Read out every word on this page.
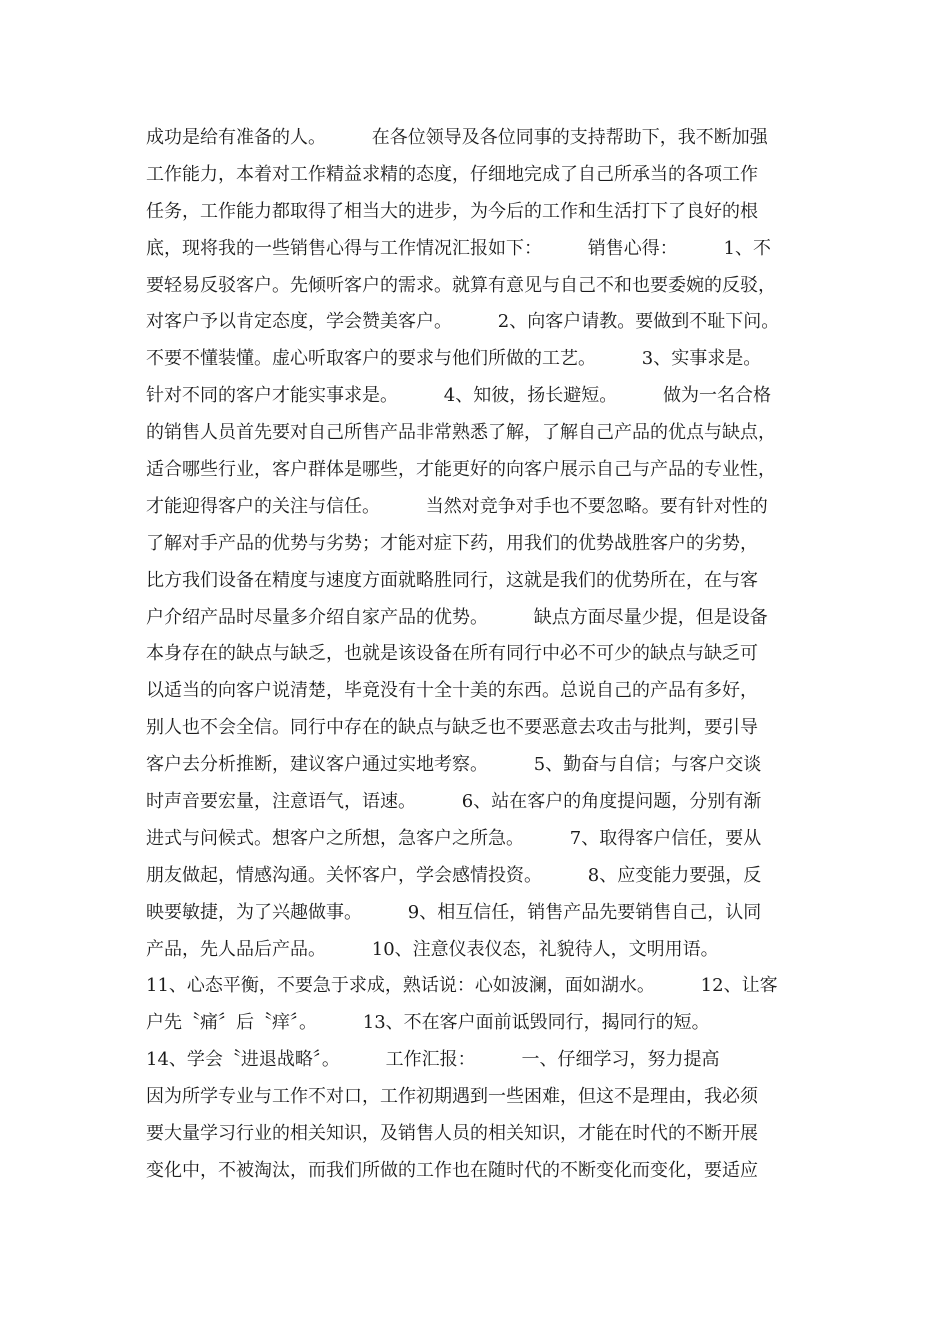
成功是给有准备的人。        在各位领导及各位同事的支持帮助下，我不断加强
工作能力，本着对工作精益求精的态度，仔细地完成了自己所承当的各项工作
任务，工作能力都取得了相当大的进步，为今后的工作和生活打下了良好的根
底，现将我的一些销售心得与工作情况汇报如下：        销售心得：        1、不
要轻易反驳客户。先倾听客户的需求。就算有意见与自己不和也要委婉的反驳，
对客户予以肯定态度，学会赞美客户。        2、向客户请教。要做到不耻下问。
不要不懂装懂。虚心听取客户的要求与他们所做的工艺。        3、实事求是。
针对不同的客户才能实事求是。        4、知彼，扬长避短。        做为一名合格
的销售人员首先要对自己所售产品非常熟悉了解，了解自己产品的优点与缺点，
适合哪些行业，客户群体是哪些，才能更好的向客户展示自己与产品的专业性，
才能迎得客户的关注与信任。        当然对竞争对手也不要忽略。要有针对性的
了解对手产品的优势与劣势；才能对症下药，用我们的优势战胜客户的劣势，
比方我们设备在精度与速度方面就略胜同行，这就是我们的优势所在，在与客
户介绍产品时尽量多介绍自家产品的优势。        缺点方面尽量少提，但是设备
本身存在的缺点与缺乏，也就是该设备在所有同行中必不可少的缺点与缺乏可
以适当的向客户说清楚，毕竟没有十全十美的东西。总说自己的产品有多好，
别人也不会全信。同行中存在的缺点与缺乏也不要恶意去攻击与批判，要引导
客户去分析推断，建议客户通过实地考察。        5、勤奋与自信；与客户交谈
时声音要宏量，注意语气，语速。        6、站在客户的角度提问题，分别有渐
进式与问候式。想客户之所想，急客户之所急。        7、取得客户信任，要从
朋友做起，情感沟通。关怀客户，学会感情投资。        8、应变能力要强，反
映要敏捷，为了兴趣做事。        9、相互信任，销售产品先要销售自己，认同
产品，先人品后产品。        10、注意仪表仪态，礼貌待人，文明用语。
11、心态平衡，不要急于求成，熟话说：心如波澜，面如湖水。        12、让客
户先〝痛〞后〝痒〞。        13、不在客户面前诋毁同行，揭同行的短。
14、学会〝进退战略〞。        工作汇报：        一、仔细学习，努力提高
因为所学专业与工作不对口，工作初期遇到一些困难，但这不是理由，我必须
要大量学习行业的相关知识，及销售人员的相关知识，才能在时代的不断开展
变化中，不被淘汰，而我们所做的工作也在随时代的不断变化而变化，要适应
